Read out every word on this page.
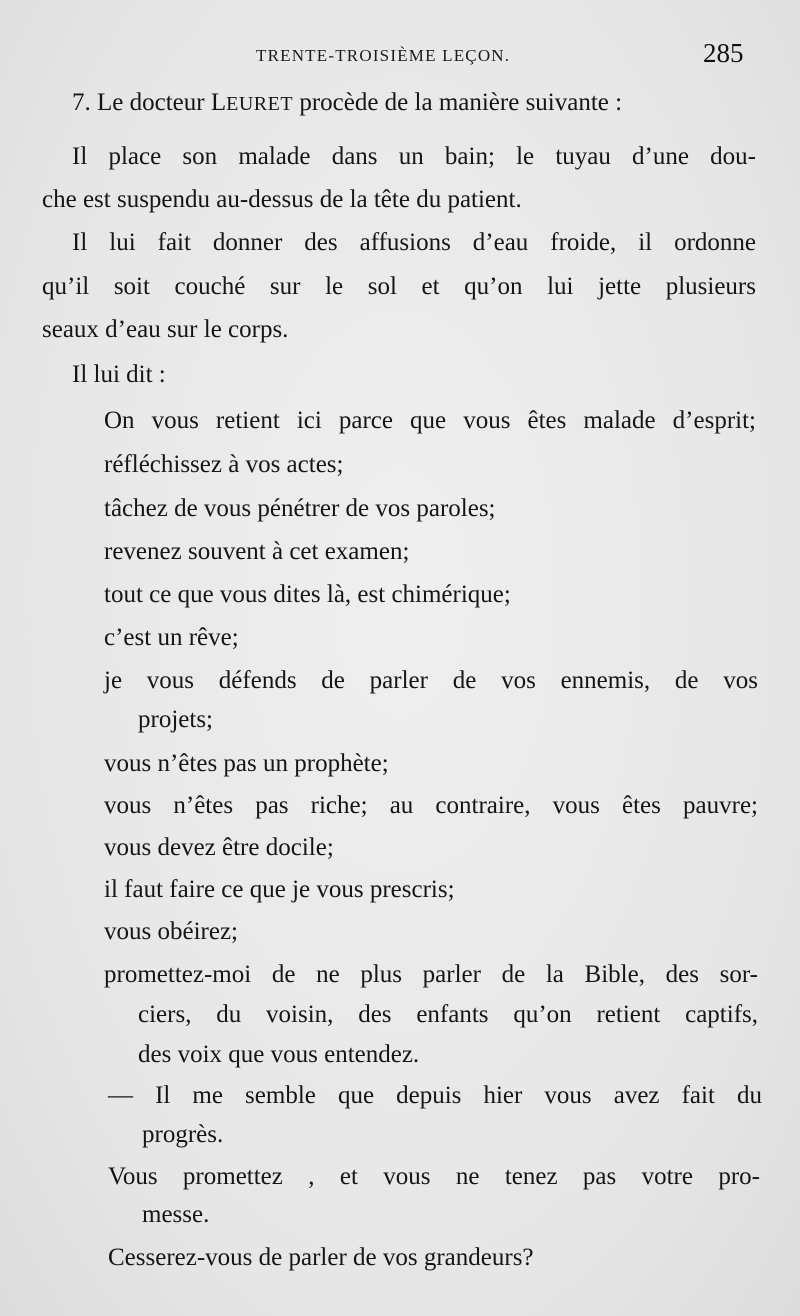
TRENTE-TROISIÈME LEÇON.	285
7. Le docteur LEURET procède de la manière suivante :
Il place son malade dans un bain; le tuyau d’une dou-
che est suspendu au-dessus de la tête du patient.
Il lui fait donner des affusions d’eau froide, il ordonne
qu’il soit couché sur le sol et qu’on lui jette plusieurs
seaux d’eau sur le corps.
Il lui dit :
On vous retient ici parce que vous êtes malade d’esprit;
réfléchissez à vos actes;
tâchez de vous pénétrer de vos paroles;
revenez souvent à cet examen;
tout ce que vous dites là, est chimérique;
c’est un rêve;
je vous défends de parler de vos ennemis, de vos
projets;
vous n’êtes pas un prophète;
vous n’êtes pas riche; au contraire, vous êtes pauvre;
vous devez être docile;
il faut faire ce que je vous prescris;
vous obéirez;
promettez-moi de ne plus parler de la Bible, des sor-
ciers, du voisin, des enfants qu’on retient captifs,
des voix que vous entendez.
— Il me semble que depuis hier vous avez fait du
progrès.
Vous promettez , et vous ne tenez pas votre pro-
messe.
Cesserez-vous de parler de vos grandeurs?
